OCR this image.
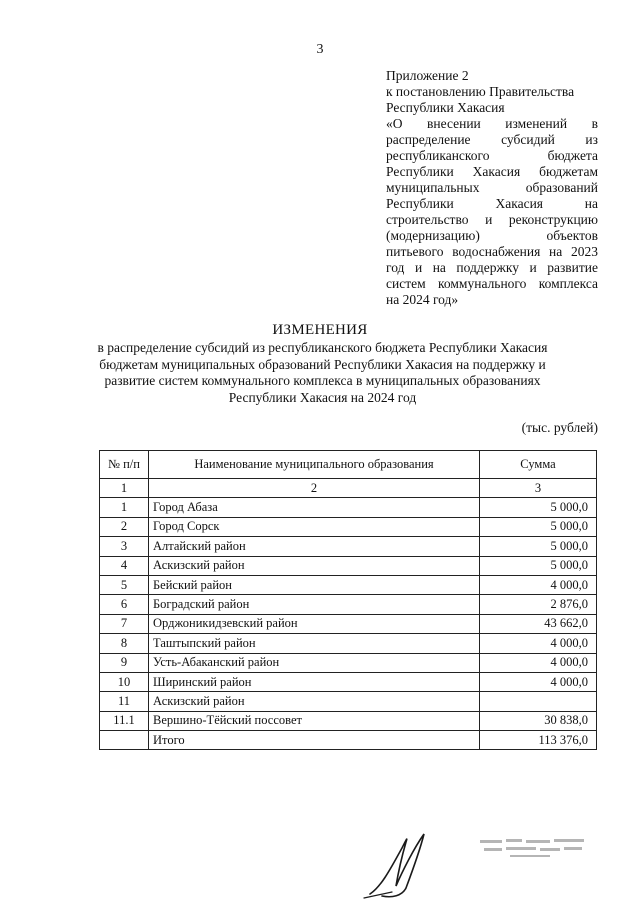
3
Приложение 2
к постановлению Правительства
Республики Хакасия
«О внесении изменений в
распределение субсидий из
республиканского бюджета
Республики Хакасия бюджетам
муниципальных образований
Республики Хакасия на
строительство и реконструкцию
(модернизацию) объектов
питьевого водоснабжения на 2023
год и на поддержку и развитие
систем коммунального комплекса
на 2024 год»
ИЗМЕНЕНИЯ
в распределение субсидий из республиканского бюджета Республики Хакасия
бюджетам муниципальных образований Республики Хакасия на поддержку и
развитие систем коммунального комплекса в муниципальных образованиях
Республики Хакасия на 2024 год
(тыс. рублей)
№ п/п	Наименование муниципального образования	Сумма
1	2	3
1	Город Абаза	5 000,0
2	Город Сорск	5 000,0
3	Алтайский район	5 000,0
4	Аскизский район	5 000,0
5	Бейский район	4 000,0
6	Боградский район	2 876,0
7	Орджоникидзевский район	43 662,0
8	Таштыпский район	4 000,0
9	Усть-Абаканский район	4 000,0
10	Ширинский район	4 000,0
11	Аскизский район	
11.1	Вершино-Тёйский поссовет	30 838,0
	Итого	113 376,0
